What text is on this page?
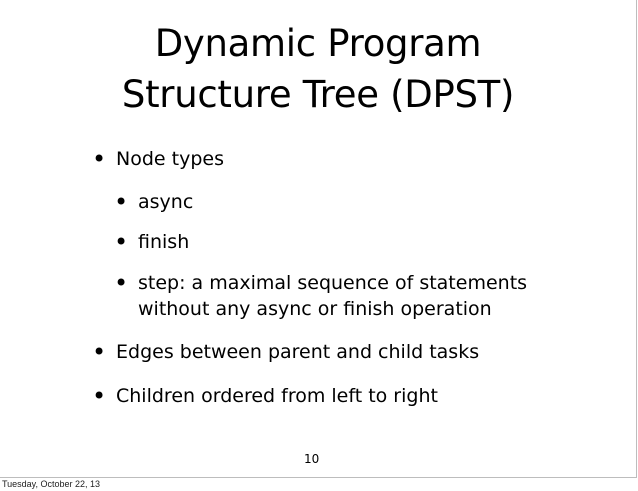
Dynamic Program
Structure Tree (DPST)
• Node types
• async
• finish
• step: a maximal sequence of statements without any async or finish operation
• Edges between parent and child tasks
• Children ordered from left to right
10
Tuesday, October 22, 13
